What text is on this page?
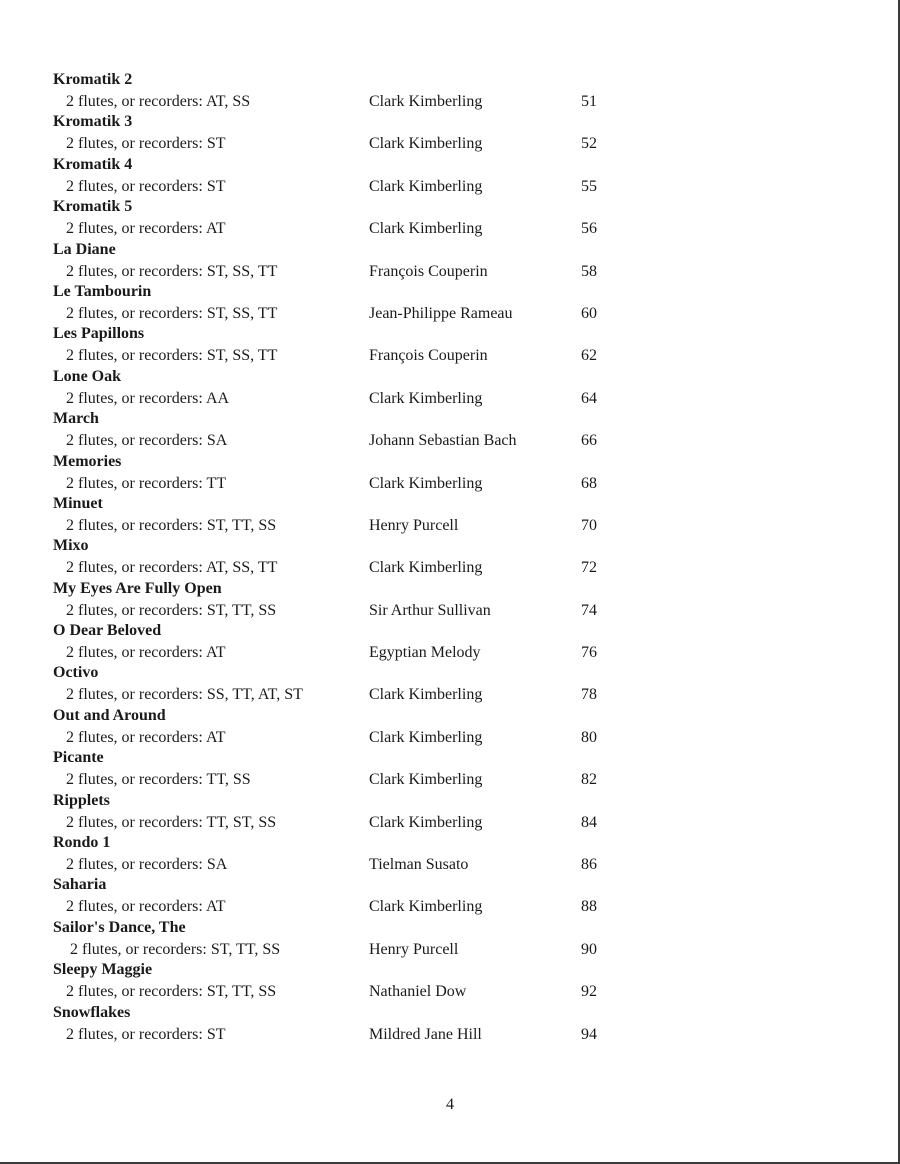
Kromatik 2
2 flutes, or recorders: AT, SS	Clark Kimberling	51
Kromatik 3
2 flutes, or recorders: ST	Clark Kimberling	52
Kromatik 4
2 flutes, or recorders: ST	Clark Kimberling	55
Kromatik 5
2 flutes, or recorders: AT	Clark Kimberling	56
La Diane
2 flutes, or recorders: ST, SS, TT	François Couperin	58
Le Tambourin
2 flutes, or recorders: ST, SS, TT	Jean-Philippe Rameau	60
Les Papillons
2 flutes, or recorders: ST, SS, TT	François Couperin	62
Lone Oak
2 flutes, or recorders: AA	Clark Kimberling	64
March
2 flutes, or recorders: SA	Johann Sebastian Bach	66
Memories
2 flutes, or recorders: TT	Clark Kimberling	68
Minuet
2 flutes, or recorders: ST, TT, SS	Henry Purcell	70
Mixo
2 flutes, or recorders: AT, SS, TT	Clark Kimberling	72
My Eyes Are Fully Open
2 flutes, or recorders: ST, TT, SS	Sir Arthur Sullivan	74
O Dear Beloved
2 flutes, or recorders: AT	Egyptian Melody	76
Octivo
2 flutes, or recorders: SS, TT, AT, ST	Clark Kimberling	78
Out and Around
2 flutes, or recorders: AT	Clark Kimberling	80
Picante
2 flutes, or recorders: TT, SS	Clark Kimberling	82
Ripplets
2 flutes, or recorders: TT, ST, SS	Clark Kimberling	84
Rondo 1
2 flutes, or recorders: SA	Tielman Susato	86
Saharia
2 flutes, or recorders: AT	Clark Kimberling	88
Sailor's Dance, The
2 flutes, or recorders: ST, TT, SS	Henry Purcell	90
Sleepy Maggie
2 flutes, or recorders: ST, TT, SS	Nathaniel Dow	92
Snowflakes
2 flutes, or recorders: ST	Mildred Jane Hill	94
4
